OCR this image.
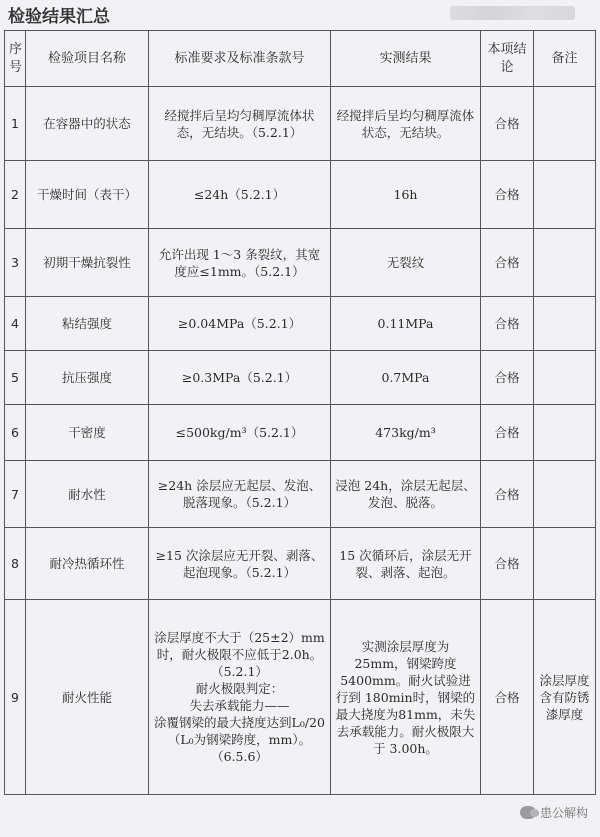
检验结果汇总
序号	检验项目名称	标准要求及标准条款号	实测结果	本项结论	备注
1	在容器中的状态	经搅拌后呈均匀稠厚流体状态，无结块。（5.2.1）	经搅拌后呈均匀稠厚流体状态，无结块。	合格	
2	干燥时间（表干）	≤24h（5.2.1）	16h	合格	
3	初期干燥抗裂性	允许出现 1～3 条裂纹，其宽度应≤1mm。（5.2.1）	无裂纹	合格	
4	粘结强度	≥0.04MPa（5.2.1）	0.11MPa	合格	
5	抗压强度	≥0.3MPa（5.2.1）	0.7MPa	合格	
6	干密度	≤500kg/m³（5.2.1）	473kg/m³	合格	
7	耐水性	≥24h 涂层应无起层、发泡、脱落现象。（5.2.1）	浸泡 24h，涂层无起层、发泡、脱落。	合格	
8	耐冷热循环性	≥15 次涂层应无开裂、剥落、起泡现象。（5.2.1）	15 次循环后，涂层无开裂、剥落、起泡。	合格	
9	耐火性能	涂层厚度不大于（25±2）mm时，耐火极限不应低于2.0h。（5.2.1）
耐火极限判定：
失去承载能力——
涂覆钢梁的最大挠度达到L₀/20（L₀为钢梁跨度，mm）。（6.5.6）	实测涂层厚度为 25mm，钢梁跨度 5400mm。耐火试验进行到 180min时，钢梁的最大挠度为81mm，未失去承载能力。耐火极限大于 3.00h。	合格	涂层厚度含有防锈漆厚度
患公解构
